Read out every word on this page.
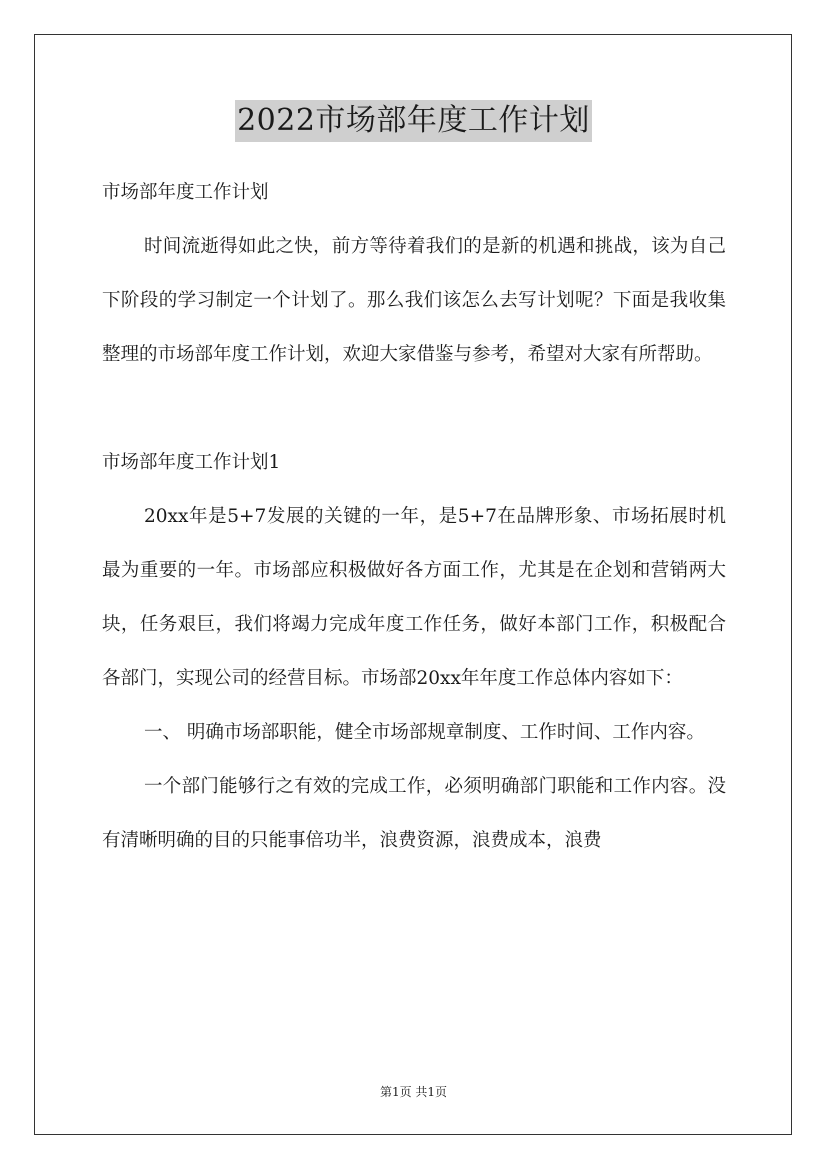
2022市场部年度工作计划
市场部年度工作计划

时间流逝得如此之快，前方等待着我们的是新的机遇和挑战，该为自己下阶段的学习制定一个计划了。那么我们该怎么去写计划呢？下面是我收集整理的市场部年度工作计划，欢迎大家借鉴与参考，希望对大家有所帮助。

市场部年度工作计划1

20xx年是5+7发展的关键的一年，是5+7在品牌形象、市场拓展时机最为重要的一年。市场部应积极做好各方面工作，尤其是在企划和营销两大块，任务艰巨，我们将竭力完成年度工作任务，做好本部门工作，积极配合各部门，实现公司的经营目标。市场部20xx年年度工作总体内容如下：

一、 明确市场部职能，健全市场部规章制度、工作时间、工作内容。

一个部门能够行之有效的完成工作，必须明确部门职能和工作内容。没有清晰明确的目的只能事倍功半，浪费资源，浪费成本，浪费

第1页 共1页
